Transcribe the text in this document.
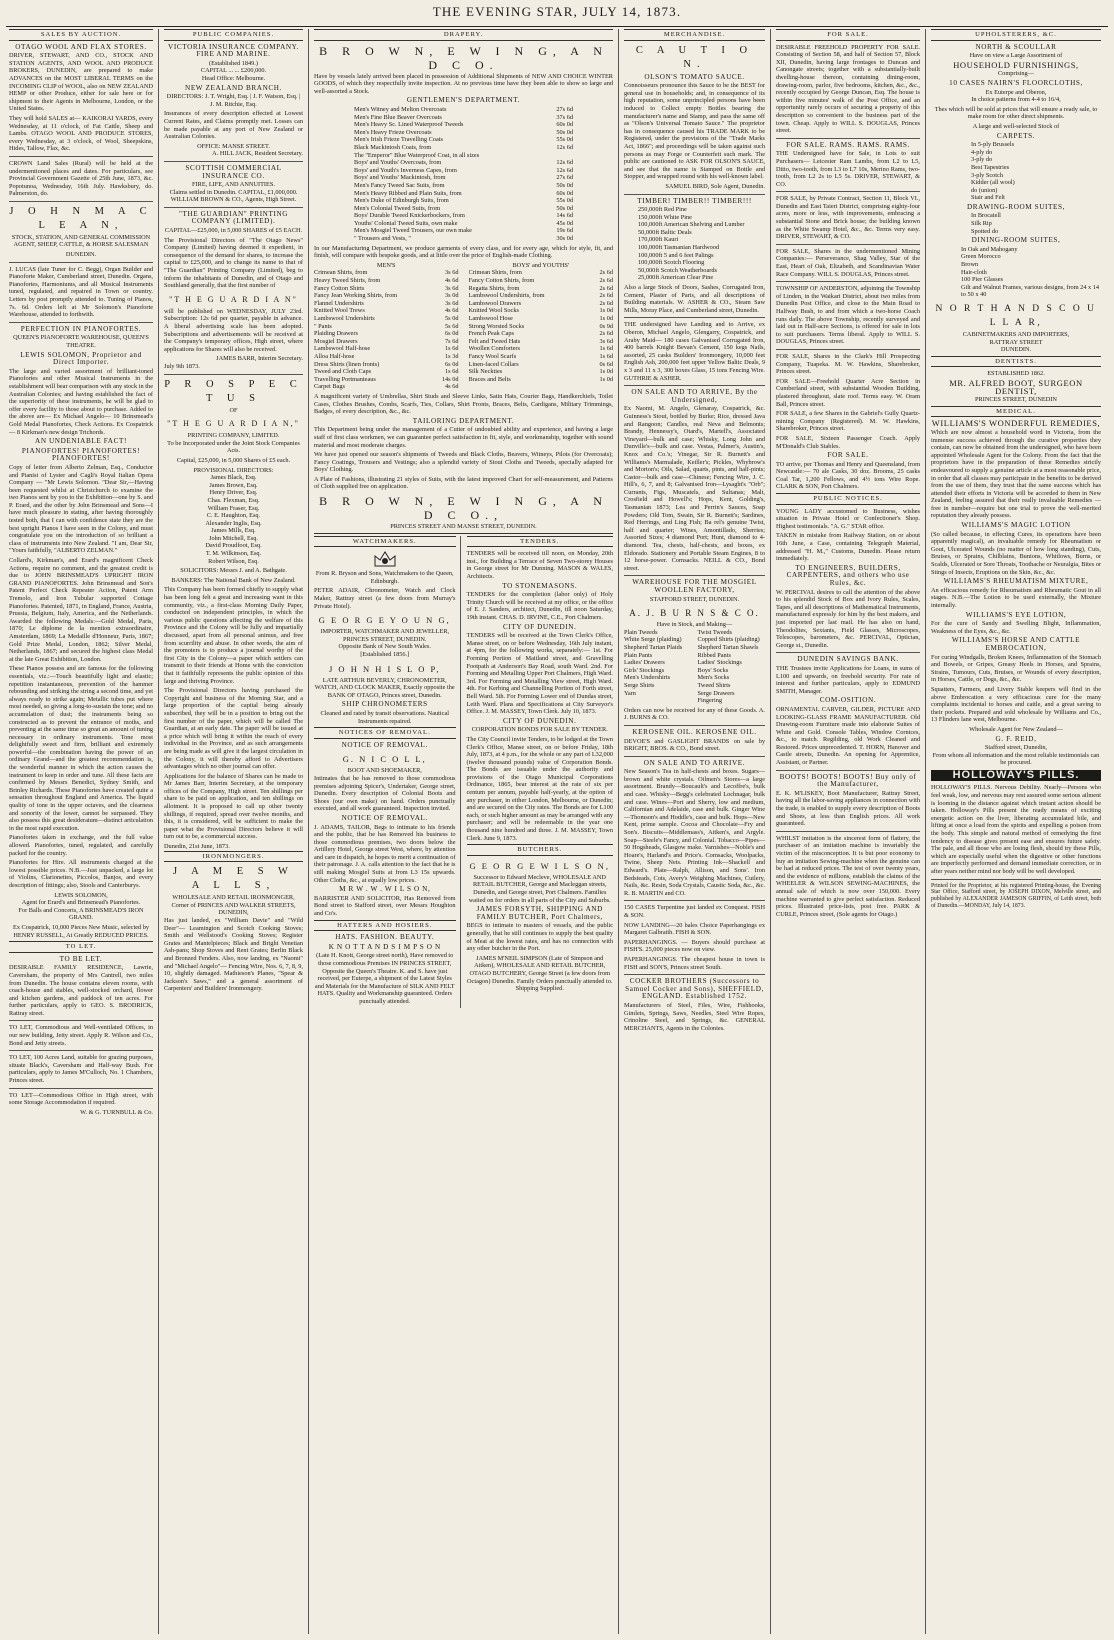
THE EVENING STAR, JULY 14, 1873.
SALES BY AUCTION.
OTAGO WOOL AND FLAX STORES.
DRIVER, STEWART, AND CO., STOCK AND STATION AGENTS, AND WOOL AND PRODUCE BROKERS, DUNEDIN, are prepared to make ADVANCES on the MOST LIBERAL TERMS on the INCOMING CLIP of WOOL, also on NEW ZEALAND HEMP or other Produce, either for sale here or for shipment to their Agents in Melbourne, London, or the United States.
They will hold SALES at— KAIKORAI YARDS, every Wednesday, at 11 o'clock, of Fat Cattle, Sheep and Lambs. OTAGO WOOL AND PRODUCE STORES, every Wednesday, at 3 o'clock, of Wool, Sheepskins, Hides, Tallow, Flax, &c.
CROWN Land Sales (Rural) will be held at the undermentioned places and dates. For particulars, see Provincial Government Gazette of 25th June, 1873, &c. Popotunoa, Wednesday, 16th July. Hawksbury, do. Palmerston, do.
J O H N M A C L E A N,
STOCK, STATION, AND GENERAL COMMISSION AGENT, SHEEP, CATTLE, & HORSE SALESMAN
DUNEDIN.
J. LUCAS (late Tuner for C. Begg), Organ Builder and Pianoforte Maker, Cumberland street, Dunedin. Organs, Pianofortes, Harmoniums, and all Musical Instruments tuned, regulated, and repaired in Town or country. Letters by post promptly attended to. Tuning of Pianos, 7s. 6d. Orders left at Mr Solomon's Pianoforte Warehouse, attended to forthwith.
PERFECTION IN PIANOFORTES.
QUEEN'S PIANOFORTE WAREHOUSE, QUEEN'S THEATRE.
LEWIS SOLOMON, Proprietor and Direct Importer.
The large and varied assortment of brilliant-toned Pianofortes and other Musical Instruments in the establishment will bear comparison with any stock in the Australian Colonies; and having established the fact of the superiority of these instruments, he will be glad to offer every facility to those about to purchase. Added to the above are— Ex Michael Angelo— 10 Brinsmead's Gold Medal Pianofortes, Check Actions. Ex Cospatrick— 8 Kirkman's new design Trichords.
AN UNDENIABLE FACT!
PIANOFORTES! PIANOFORTES! PIANOFORTES!
Copy of letter from Alberto Zelman, Esq., Conductor and Pianist of Lyster and Cagli's Royal Italian Opera Company — "Mr Lewis Solomon. "Dear Sir,—Having been requested whilst at Christchurch to examine the two Pianos sent by you to the Exhibition—one by S. and P. Erard, and the other by John Brinsmead and Sons—I have much pleasure in stating, after having thoroughly tested both, that I can with confidence state they are the best upright Pianos I have seen in the Colony, and must congratulate you on the introduction of so brilliant a class of instruments into New Zealand. "I am, Dear Sir, "Yours faithfully, "ALBERTO ZELMAN."
Collard's, Kirkman's, and Erard's magnificent Check Actions, require no comment, and the greatest credit is due to JOHN BRINSMEAD'S UPRIGHT IRON GRAND PIANOFORTES. John Brinsmead and Son's Patent Perfect Check Repeater Action, Patent Arm Tremolo, and Iron Tubular supported Cottage Pianofortes. Patented, 1871, in England, France, Austria, Prussia, Belgium, Italy, America, and the Netherlands. Awarded the following Medals:—Gold Medal, Paris, 1870; Le diplome de la mention extraordinaire, Amsterdam, 1869; La Medaille d'Honneur, Paris, 1867; Gold Prize Medal, London, 1862; Silver Medal, Netherlands, 1867; and secured the highest class Medal at the late Great Exhibition, London.
These Pianos possess and are famous for the following essentials, viz.:—Touch beautifully light and elastic; repetition instantaneous, prevention of the hammer rebounding and striking the string a second time, and yet always ready to strike again; Metallic tubes put where most needed, so giving a long-to-sustain the tone; and no accumulation of dust; the instruments being so constructed as to prevent the entrance of moths, and preventing at the same time so great an amount of tuning necessary in ordinary instruments. Tone most delightfully sweet and firm, brilliant and extremely powerful—the combination having the power of an ordinary Grand—and the greatest recommendation is, the wonderful manner in which the action causes the instrument to keep in order and tune. All these facts are confirmed by Messrs Benedict, Sydney Smith, and Brinley Richards. These Pianofortes have created quite a sensation throughout England and America. The liquid quality of tone in the upper octaves, and the clearness and sonority of the lower, cannot be surpassed. They also possess this great desideratum—distinct articulation in the most rapid execution.
Pianofortes taken in exchange, and the full value allowed. Pianofortes, tuned, regulated, and carefully packed for the country.
Pianofortes for Hire. All instruments charged at the lowest possible prices. N.B.—Just unpacked, a large lot of Violins, Clarionettes, Piccolos, Banjos, and every description of fittings; also, Stools and Canterburys.
LEWIS SOLOMON,
Agent for Erard's and Brinsmead's Pianofortes.
For Balls and Concerts, A BRINSMEAD'S IRON GRAND.
Ex Cospatrick, 10,000 Pieces New Music, selected by HENRY RUSSELL, At Greatly REDUCED PRICES.
TO LET.
TO BE LET.
DESIRABLE FAMILY RESIDENCE, Lawrie, Caversham, the property of Mrs Cantrell, two miles from Dunedin. The house contains eleven rooms, with coach-house and stables, well-stocked orchard, flower and kitchen gardens, and paddock of ten acres. For further particulars, apply to GEO. S. BRODRICK, Rattray street.
TO LET, Commodious and Well-ventilated Offices, in our new building, Jetty street. Apply R. Wilson and Co., Bond and Jetty streets.
TO LET, 100 Acres Land, suitable for grazing purposes, situate Black's, Caversham and Half-way Bush. For particulars, apply to James M'Culloch, No. 1 Chambers, Princes street.
TO LET—Commodious Office in High street, with some Storage Accommodation if required.
W. & G. TURNBULL & Co.
PUBLIC COMPANIES.
VICTORIA INSURANCE COMPANY. FIRE AND MARINE.
(Established 1849.)
CAPITAL ... ... £200,000.
Head Office: Melbourne.
NEW ZEALAND BRANCH.
DIRECTORS: J. T. Wright, Esq. | J. F. Watson, Esq. | J. M. Ritchie, Esq.
Insurances of every description effected at Lowest Current Rates, and Claims promptly met. Losses can be made payable at any port of New Zealand or Australian Colonies.
OFFICE: MANSE STREET.
A. HILL JACK, Resident Secretary.
SCOTTISH COMMERCIAL INSURANCE CO.
FIRE, LIFE, AND ANNUITIES.
Claims settled in Dunedin. CAPITAL, £1,000,000. WILLIAM BROWN & CO., Agents, High Street.
"THE GUARDIAN" PRINTING COMPANY (LIMITED).
CAPITAL—£25,000, in 5,000 SHARES of £5 EACH.
The Provisional Directors of "The Otago News" Company (Limited) having deemed it expedient, in consequence of the demand for shares, to increase the capital to £25,000, and to change its name to that of "The Guardian" Printing Company (Limited), beg to inform the inhabitants of Dunedin, and of Otago and Southland generally, that the first number of
"T H E G U A R D I A N"
will be published on WEDNESDAY, JULY 23rd. Subscription: 12s 6d per quarter, payable in advance. A liberal advertising scale has been adopted. Subscriptions and advertisements will be received at the Company's temporary offices, High street, where applications for Shares will also be received.
JAMES BARR, Interim Secretary.
July 9th 1873.
P R O S P E C T U S
OF
"T H E G U A R D I A N,"
PRINTING COMPANY, LIMITED.
To be Incorporated under the Joint Stock Companies Acts.
Capital, £25,000, in 5,000 Shares of £5 each.
PROVISIONAL DIRECTORS:
James Black, Esq.
James Brown, Esq.
Henry Driver, Esq.
Chas. Flexman, Esq.
William Fraser, Esq.
C. E. Haughton, Esq.
Alexander Inglis, Esq.
James Mills, Esq.
John Mitchell, Esq.
David Proudfoot, Esq.
T. M. Wilkinson, Esq.
Robert Wilson, Esq.
SOLICITORS: Messrs J. and A. Bathgate.
BANKERS: The National Bank of New Zealand.
This Company has been formed chiefly to supply what has been long felt a great and increasing want in this community, viz., a first-class Morning Daily Paper, conducted on independent principles, in which the various public questions affecting the welfare of this Province and the Colony will be fully and impartially discussed, apart from all personal animus, and free from scurrility and abuse. In other words, the aim of the promoters is to produce a journal worthy of the first City in the Colony—a paper which settlers can transmit to their friends at Home with the conviction that it faithfully represents the public opinion of this large and thriving Province.
The Provisional Directors having purchased the Copyright and business of the Morning Star, and a large proportion of the capital being already subscribed, they will be in a position to bring out the first number of the paper, which will be called The Guardian, at an early date. The paper will be issued at a price which will bring it within the reach of every individual in the Province, and as such arrangements are being made as will give it the largest circulation in the Colony, it will thereby afford to Advertisers advantages which no other journal can offer.
Applications for the balance of Shares can be made to Mr James Barr, Interim Secretary, at the temporary offices of the Company, High street. Ten shillings per share to be paid on application, and ten shillings on allotment. It is proposed to call up other twenty shillings, if required, spread over twelve months, and this, it is considered, will be sufficient to make the paper what the Provisional Directors believe it will turn out to be, a commercial success.
Dunedin, 21st June, 1873.
IRONMONGERS.
J A M E S W A L L S,
WHOLESALE AND RETAIL IRONMONGER,
Corner of PRINCES AND WALKER STREETS,
DUNEDIN,
Has just landed, ex "William Davie" and "Wild Deer"— Leamington and Scotch Cooking Stoves; Smith and Wellstood's Cooking Stoves; Register Grates and Mantelpieces; Black and Bright Venetian Ash-pans; Shop Stoves and Rent Grates; Berlin Black and Bronzed Fenders. Also, now landing, ex "Naomi" and "Michael Angelo"— Fencing Wire, Nos. 6, 7, 8, 9, 10, slightly damaged. Mathieson's Planes, "Spear & Jackson's Saws," and a general assortment of Carpenters' and Builders' Ironmongery.
DRAPERY.
B R O W N, E W I N G, A N D C O.
Have by vessels lately arrived been placed in possession of Additional Shipments of NEW AND CHOICE WINTER GOODS, of which they respectfully invite inspection. At no previous time have they been able to show so large and well-assorted a Stock.
GENTLEMEN'S DEPARTMENT.
Men's Witney and Melton Overcoats	27s 6d
Men's Fine Blue Beaver Overcoats	37s 6d
Men's Heavy Sc. Lined Waterproof Tweeds	60s 0d
Men's Heavy Frieze Overcoats	50s 0d
Men's Irish Frieze Travelling Coats	55s 0d
Black Mackintosh Coats, from	12s 6d
The "Emperor" Blue Waterproof Coat, in all sizes
Boys' and Youths' Overcoats, from	12s 6d
Boys' and Youth's Inverness Capes, from	12s 6d
Boys' and Youths' Mackintosh, from	27s 6d
Men's Fancy Tweed Sac Suits, from	50s 0d
Men's Heavy Ribbed and Plain Suits, from	60s 0d
Men's Duke of Edinburgh Suits, from	55s 0d
Men's Colonial Tweed Suits, from	50s 0d
Boys' Durable Tweed Knickerbockers, from	14s 6d
Youths' Colonial Tweed Suits, own make	45s 0d
Men's Mosgiel Tweed Trousers, our own make	19s 6d
" Trousers and Vests, "	30s 0d
In our Manufacturing Department, we produce garments of every class, and for every age, which for style, fit, and finish, will compare with bespoke goods, and at little over the price of English-made Clothing.
MEN'S
Crimean Shirts, from	3s 6d
Heavy Tweed Shirts, from	4s 6d
Fancy Cotton Shirts	3s 6d
Fancy Jean Working Shirts, from	3s 0d
Flannel Undershirts	3s 6d
Knitted Wool Trews	4s 6d
Lambswool Undershirts	5s 0d
" Pants	5s 6d
Plaiding Drawers	6s 0d
Mosgiel Drawers	7s 6d
Lambswool Half-hose	1s 6d
Alloa Half-hose	1s 3d
Dress Shirts (linen fronts)	6s 0d
Tweed and Cloth Caps	1s 6d
Travelling Portmanteaus	14s 0d
Carpet Bags	4s 6d
BOYS' and YOUTHS'
Crimean Shirts, from	2s 6d
Fancy Cotton Shirts, from	2s 6d
Regatta Shirts, from	2s 6d
Lambswool Undershirts, from	2s 6d
Lambswool Drawers	2s 6d
Knitted Wool Socks	1s 0d
Lambswool Hose	1s 0d
Strong Worsted Socks	0s 9d
French Peak Caps	2s 6d
Felt and Tweed Hats	3s 6d
Woollen Comforters	1s 6d
Fancy Wool Scarfs	1s 6d
Linen-faced Collars	0s 6d
Silk Neckties	1s 0d
Braces and Belts	1s 0d
A magnificent variety of Umbrellas, Shirt Studs and Sleeve Links, Satin Hats, Courier Bags, Handkerchiefs, Toilet Cases, Clothes Brushes, Combs, Scarfs, Ties, Collars, Shirt Fronts, Braces, Belts, Cardigans, Military Trimmings, Badges, of every description, &c., &c.
TAILORING DEPARTMENT.
This Department being under the management of a Cutter of undoubted ability and experience, and having a large staff of first class workmen, we can guarantee perfect satisfaction in fit, style, and workmanship, together with sound material and most moderate charges.
We have just opened our season's shipments of Tweeds and Black Cloths, Beavers, Witneys, Pilots (for Overcoats); Fancy Coatings, Trousers and Vestings; also a splendid variety of Stout Cloths and Tweeds, specially adapted for Boys' Clothing.
A Plate of Fashions, illustrating 21 styles of Suits, with the latest improved Chart for self-measurement, and Patterns of Cloth supplied free on application.
B R O W N, E W I N G, A N D C O.,
PRINCES STREET AND MANSE STREET, DUNEDIN.
WATCHMAKERS.
From R. Bryson and Sons, Watchmakers to the Queen, Edinburgh.
PETER ADAIR, Chronometer, Watch and Clock Maker, Rattray street (a few doors from Murray's Private Hotel).
G E O R G E Y O U N G,
IMPORTER, WATCHMAKER AND JEWELLER, PRINCES STREET, DUNEDIN.
Opposite Bank of New South Wales.
[Established 1856.]
J O H N H I S L O P,
LATE ARTHUR BEVERLY, CHRONOMETER, WATCH, AND CLOCK MAKER, Exactly opposite the BANK OF OTAGO, Princes street, Dunedin.
SHIP CHRONOMETERS
Cleaned and rated by transit observations. Nautical Instruments repaired.
NOTICES OF REMOVAL.
NOTICE OF REMOVAL.
G. N I C O L L,
BOOT AND SHOEMAKER,
Intimates that he has removed to those commodious premises adjoining Spicer's, Undertaker, George street, Dunedin. Every description of Colonial Boots and Shoes (our own make) on hand. Orders punctually executed, and all work guaranteed. Inspection invited.
NOTICE OF REMOVAL.
J. ADAMS, TAILOR, Begs to intimate to his friends and the public, that he has Removed his business to those commodious premises, two doors below the Artillery Hotel, George street West, where, by attention and care in dispatch, he hopes to merit a continuation of their patronage. J. A. calls attention to the fact that he is still making Mosgiel Suits at from L3 15s upwards. Other Cloths, &c., at equally low prices.
M R W . W . W I L S O N,
BARRISTER AND SOLICITOR, Has Removed from Bond street to Stafford street, over Messrs Houghton and Co's.
HATTERS AND HOSIERS.
HATS. FASHION. BEAUTY.
K N O T T A N D S I M P S O N
(Late H. Knott, George street north), Have removed to those commodious Premises IN PRINCES STREET, Opposite the Queen's Theatre. K. and S. have just received, per Euterpe, a shipment of the Latest Styles and Materials for the Manufacture of SILK AND FELT HATS. Quality and Workmanship guaranteed. Orders punctually attended.
TENDERS.
TENDERS will be received till noon, on Monday, 20th inst., for Building a Terrace of Seven Two-storey Houses in George street for Mr Dunning. MASON & WALES, Architects.
TO STONEMASONS.
TENDERS for the completion (labor only) of Holy Trinity Church will be received at my office, or the office of E. J. Sanders, architect, Dunedin, till noon Saturday, 19th instant. CHAS. D. IRVINE, C.E., Port Chalmers.
CITY OF DUNEDIN.
TENDERS will be received at the Town Clerk's Office, Manse street, on or before Wednesday, 16th July instant, at 4pm, for the following works, separately:— 1st. For Forming Portion of Maitland street, and Gravelling Footpath at Anderson's Bay Road, south Ward. 2nd. For Forming and Metalling Upper Port Chalmers, High Ward. 3rd. For Forming and Metalling View street, High Ward. 4th. For Kerbing and Channelling Portion of Forth street, Bell Ward. 5th. For Forming Lower end of Dundas street, Leith Ward. Plans and Specifications at City Surveyor's Office. J. M. MASSEY, Town Clerk. July 10, 1873.
CITY OF DUNEDIN.
CORPORATION BONDS FOR SALE BY TENDER.
The City Council invite Tenders, to be lodged at the Town Clerk's Office, Manse street, on or before Friday, 18th July, 1873, at 4 p.m., for the whole or any part of L32,000 (twelve thousand pounds) value of Corporation Bonds. The Bonds are issuable under the authority and provisions of the Otago Municipal Corporations Ordinance, 1865, bear interest at the rate of six per centum per annum, payable half-yearly, at the option of any purchaser, in either London, Melbourne, or Dunedin; and are secured on the City rates. The Bonds are for L100 each, or such higher amount as may be arranged with any purchaser; and will be redeemable in the year one thousand nine hundred and three. J. M. MASSEY, Town Clerk. June 9, 1873.
BUTCHERS.
G E O R G E W I L S O N,
Successor to Edward Mecleve, WHOLESALE AND RETAIL BUTCHER, George and Macleggan streets, Dunedin, and George street, Port Chalmers. Families waited on for orders in all parts of the City and Suburbs.
JAMES FORSYTH, SHIPPING AND FAMILY BUTCHER, Port Chalmers,
BEGS to intimate to masters of vessels, and the public generally, that he still continues to supply the best quality of Meat at the lowest rates, and has no connection with any other butcher in the Port.
JAMES M'NEIL SIMPSON (Late of Simpson and Aitken), WHOLESALE AND RETAIL BUTCHER, OTAGO BUTCHERY, George Street (a few doors from Octagon) Dunedin. Family Orders punctually attended to. Shipping Supplied.
MERCHANDISE.
C A U T I O N.
OLSON'S TOMATO SAUCE.
Connoisseurs pronounce this Sauce to be the BEST for general use in households; and, in consequence of its high reputation, some unprincipled persons have been induced to Collect empty Bottles bearing the manufacturer's name and Stamp, and pass the same off as "Olson's Universal Tomato Sauce." The proprietor has in consequence caused his TRADE MARK to be Registered, under the provisions of the "Trade Marks Act, 1866"; and proceedings will be taken against such persons as may Forge or Counterfeit such mark. The public are cautioned to ASK FOR OLSON'S SAUCE, and see that the name is Stamped on Bottle and Stopper, and wrapped round with his well-known label.
SAMUEL BIRD, Sole Agent, Dunedin.
TIMBER! TIMBER!! TIMBER!!!
250,000ft Red Pine
150,000ft White Pine
100,000ft American Shelving and Lumber
50,000ft Baltic Deals
170,000ft Kauri
100,000ft Tasmanian Hardwood
100,000ft 5 and 6 feet Palings
100,000ft Scotch Flooring
50,000ft Scotch Weatherboards
25,000ft American Clear Pine
Also a large Stock of Doors, Sashes, Corrugated Iron, Cement, Plaster of Paris, and all descriptions of Building materials. W. ASHER & CO., Steam Saw Mills, Moray Place, and Cumberland street, Dunedin.
THE undersigned have Landing and to Arrive, ex Oberon, Michael Angelo, Glengarry, Cospatrick, and Araby Maid— 180 cases Galvanised Corrugated Iron, 400 barrels Knight Bevan's Cement, 150 kegs Nails, assorted, 25 casks Builders' Ironmongery, 10,000 feet English Ash, 200,000 feet upper Yellow Baltic Deals, 9 x 3 and 11 x 3, 300 boxes Glass, 15 tons Fencing Wire. GUTHRIE & ASHER.
ON SALE AND TO ARRIVE, By the Undersigned,
Ex Naomi, M. Angelo, Glenaray, Cospatrick, &c. Guinness's Stout, bottled by Burke; Rice, dressed Java and Rangoon; Candles, real Neva and Belmonts; Brandy, Hennessy's, Otard's, Martell's, Associated Vineyard—bulk and case; Whisky, Long John and Dunville's—bulk and case. Vestas, Palmer's, Austin's, Knox and Co.'s; Vinegar, Sir R. Burnett's and Williams's Marmalade, Keiller's; Pickles, Whybrow's and Morton's; Oils, Salad, quarts, pints, and half-pints; Castor—bulk and case—Chinese; Fencing Wire, J. C. Hill's, 6, 7, and 8; Galvanised Iron—Lysaght's "Orb"; Currants, Figs, Muscatels, and Sultanas; Malt, Crosfield and Howell's; Hops, Kent, Golding's, Tasmanian 1873; Lea and Perrin's Sauces, Soap Powders; Old Tom, Swain, Sir R. Burnett's; Sardines, Red Herrings, and Ling Fish; Ba rel's genuine Twist, half and quarter; Wines, Amontillado, Sherries; Assorted Sizes; 4 diamond Port; Hunt, diamond to 4-diamond. Tea, chests, half-chests, and boxes, ex Eldorado. Stationery and Portable Steam Engines, 8 to 12 horse-power. Cornsacks. NEILL & CO., Bond street.
WAREHOUSE FOR THE MOSGIEL WOOLLEN FACTORY,
STAFFORD STREET, DUNEDIN.
A. J. B U R N S & C O.
Have in Stock, and Making—
Plain Tweeds
White Serge (plaiding)
Shepherd Tartan Plaids
Plain Pants
Ladies' Drawers
Girls' Stockings
Men's Undershirts
Serge Shirts
Yarn
Twist Tweeds
Copped Shirts (plaiding)
Shepherd Tartan Shawls
Ribbed Pants
Ladies' Stockings
Boys' Socks
Men's Socks
Tweed Shirts
Serge Drawers
Fingering
Orders can now be received for any of these Goods. A. J. BURNS & CO.
KEROSENE OIL. KEROSENE OIL.
DEVOE'S and GASLIGHT BRANDS on sale by BRIGHT, BROS. & CO., Bond street.
ON SALE AND TO ARRIVE.
New Season's Tea in half-chests and boxes. Sugars—brown and white crystals. Oilmen's Stores—a large assortment. Brandy—Boucault's and Lecoffre's, bulk and case. Whisky—Begg's celebrated Lochnagar, bulk and case. Wines—Port and Sherry, low and medium, Californian and Adelaide, case and bulk. Ginger Wine—Thomson's and Hoddle's, case and bulk. Hops—New Kent, prime sample. Cocoa and Chocolate—Fry and Son's. Biscuits—Middlemass's, Aitken's, and Argyle. Soap—Steele's Fancy, and Colonial. Tobacco—Pipes—50 Hogsheads, Glasgow make. Varnishes—Noble's and Hoare's, Harland's and Price's. Cornsacks, Woolpacks, Twine, Sheep Nets. Printing Ink—Shackell and Edward's. Plate—Ralph, Allison, and Sons'. Iron Bedsteads, Cots, Avery's Weighing Machines, Cutlery, Nails, &c. Resin, Soda Crystals, Caustic Soda, &c., &c. R. B. MARTIN and CO.
150 CASES Turpentine just landed ex Conquest. FISH & SON.
NOW LANDING—20 bales Choice Paperhangings ex Margaret Galbraith. FISH & SON.
PAPERHANGINGS. — Buyers should purchase at FISH'S. 25,000 pieces now on view.
PAPERHANGINGS. The cheapest house in town is FISH and SON'S, Princes street South.
COCKER BROTHERS (Successors to Samuel Cocker and Sons), SHEFFIELD, ENGLAND. Established 1752.
Manufacturers of Steel, Files, Wire, Fishhooks, Gimlets, Springs, Saws, Needles, Steel Wire Ropes, Crinoline Steel, and Springs, &c. GENERAL MERCHANTS, Agents in the Colonies.
FOR SALE.
DESIRABLE FREEHOLD PROPERTY FOR SALE. Consisting of Section 58, and half of Section 57, Block XII, Dunedin, having large frontages to Duncan and Canongate streets; together with a substantially-built dwelling-house thereon, containing dining-room, drawing-room, parlor, five bedrooms, kitchen, &c., &c., recently occupied by George Duncan, Esq. The house is within five minutes' walk of the Post Office, and an opportunity rarely occurs of securing a property of this description so convenient to the business part of the town. Cheap. Apply to WILL S. DOUGLAS, Princes street.
FOR SALE. RAMS. RAMS. RAMS.
THE Undersigned have for Sale, in Lots to suit Purchasers— Leicester Ram Lambs, from L2 to L5, Ditto, two-tooth, from L3 to L7 10s, Merino Rams, two-tooth, from L2 2s to L5 5s. DRIVER, STEWART, & CO.
FOR SALE, by Private Contract, Section 11, Block VI., Dunedin and East Taieri District, comprising eighty-four acres, more or less, with improvements, embracing a substantial Stone and Brick house; the building known as the White Swamp Hotel, &c., &c. Terms very easy. DRIVER, STEWART, & CO.
FOR SALE, Shares in the undermentioned Mining Companies:— Perseverance, Shag Valley, Star of the East, Heart of Oak, Elizabeth, and Scandinavian Water Race Company. WILL S. DOUGLAS, Princes street.
TOWNSHIP OF ANDERSTON, adjoining the Township of Linden, in the Waikari District, about two miles from Dunedin Post Office, and close to the Main Road to Halfway Bush, to and from which a two-horse Coach runs daily. The above Township, recently surveyed and laid out in Half-acre Sections, is offered for sale in lots to suit purchasers. Terms liberal. Apply to WILL S. DOUGLAS, Princes street.
FOR SALE, Shares in the Clark's Hill Prospecting Company, Tuapeka. M. W. Hawkins, Sharebroker, Princes street.
FOR SALE—Freehold Quarter Acre Section in Cumberland street, with substantial Wooden Building, plastered throughout, slate roof. Terms easy. W. Oram Ball, Princes street.
FOR SALE, a few Shares in the Gabriel's Gully Quartz-mining Company (Registered). M. W. Hawkins, Sharebroker, Princes street.
FOR SALE, Sixteen Passenger Coach. Apply M'Donald's Club Stables.
FOR SALE.
TO arrive, per Thomas and Henry and Queensland, from Newcastle:— 70 ale Casks, 30 doz. Brooms, 25 casks Coal Tar, 1,200 Fellows, and 4½ tons Wire Rope. CLARK & SON, Port Chalmers.
PUBLIC NOTICES.
YOUNG LADY accustomed to Business, wishes situation in Private Hotel or Confectioner's Shop. Highest testimonials. "A. G." STAR office.
TAKEN in mistake from Railway Station, on or about 16th June, a Case, containing Telegraph Material, addressed "H. M.," Customs, Dunedin. Please return immediately.
TO ENGINEERS, BUILDERS, CARPENTERS, and others who use Rules, &c.
W. PERCIVAL desires to call the attention of the above to his splendid Stock of Box and Ivory Rules, Scales, Tapes, and all descriptions of Mathematical Instruments, manufactured expressly for him by the best makers, and just imported per last mail. He has also on hand, Theodolites, Sextants, Field Glasses, Microscopes, Telescopes, barometers, &c. PERCIVAL, Optician, George st., Dunedin.
DUNEDIN SAVINGS BANK.
THE Trustees invite Applications for Loans, in sums of L100 and upwards, on freehold security. For rate of interest and further particulars, apply to EDMUND SMITH, Manager.
COM-OSITION.
ORNAMENTAL CARVER, GILDER, PICTURE AND LOOKING-GLASS FRAME MANUFACTURER. Old Drawing-room Furniture made into elaborate Suites of White and Gold. Console Tables, Window Cornices, &c., to match. Regilding, old Work Cleaned and Restored. Prices unprecedented. T. HORN, Hanover and Castle streets, Dunedin. An opening for Apprentice, Assistant, or Partner.
BOOTS! BOOTS! BOOTS! Buy only of the Manufacturer,
E. K. M'LISKEY, Boot Manufacturer, Rattray Street, having all the labor-saving appliances in connection with the trade, is enabled to supply every description of Boots and Shoes, at less than English prices. All work guaranteed.
WHILST imitation is the sincerest form of flattery, the purchaser of an imitation machine is invariably the victim of the misconception. It is but poor economy to buy an imitation Sewing-machine when the genuine can be had at reduced prices. The test of over twenty years, and the evidence of millions, establish the claims of the WHEELER & WILSON SEWING-MACHINES, the annual sale of which is now over 150,000. Every machine warranted to give perfect satisfaction. Reduced prices. Illustrated price-lists, post free. PARK & CURLE, Princes street, (Sole agents for Otago.)
UPHOLSTERERS, &C.
NORTH & SCOULLAR
Have on view a Large Assortment of
HOUSEHOLD FURNISHINGS,
Comprising—
10 CASES NAIRN'S FLOORCLOTHS,
Ex Euterpe and Oberon,
In choice patterns from 4-4 to 16/4,
Thes which will be sold at prices that will ensure a ready sale, to make room for other direct shipments.
A large and well-selected Stock of
CARPETS.
In 5-ply Brussels
4-ply do
3-ply do
Best Tapestries
3-ply Scotch
Kidder (all wool)
do (union)
Stair and Felt
DRAWING-ROOM SUITES,
In Brocatell
Silk Rip
Spotted do
DINING-ROOM SUITES,
In Oak and Mahogany
Green Morocco
Brown
Hair-cloth
100 Pier Glasses
Gilt and Walnut Frames, various designs, from 24 x 14 to 50 x 40
N O R T H A N D S C O U L L A R,
CABINETMAKERS AND IMPORTERS,
RATTRAY STREET
DUNEDIN.
DENTISTS.
ESTABLISHED 1862.
MR. ALFRED BOOT, SURGEON DENTIST,
PRINCES STREET, DUNEDIN
MEDICAL.
WILLIAMS'S WONDERFUL REMEDIES,
Which are now almost a household word in Victoria, from the immense success achieved through the curative properties they contain, can now be obtained from the undersigned, who have been appointed Wholesale Agent for the Colony. From the fact that the proprietors have in the preparation of these Remedies strictly endeavoured to supply a genuine article at a most reasonable price, in order that all classes may participate in the benefits to be derived from the use of them, they trust that the same success which has attended their efforts in Victoria will be accorded to them in New Zealand, feeling assured that their really invaluable Remedies —free in number—require but one trial to prove the well-merited reputation they already possess.
WILLIAMS'S MAGIC LOTION
(So called because, in effecting Cures, its operations have been apparently magical), an invaluable remedy for Rheumatism or Gout, Ulcerated Wounds (no matter of how long standing), Cuts, Bruises, or Sprains, Chilblains, Bunions, Whitlows, Burns, or Scalds, Ulcerated or Sore Throats, Toothache or Neuralgia, Bites or Stings of Insects, Eruptions on the Skin, &c., &c.
WILLIAMS'S RHEUMATISM MIXTURE,
An efficacious remedy for Rheumatism and Rheumatic Gout in all stages. N.B.—The Lotion to be used externally, the Mixture internally.
WILLIAMS'S EYE LOTION,
For the cure of Sandy and Swelling Blight, Inflammation, Weakness of the Eyes, &c., &c.
WILLIAMS'S HORSE AND CATTLE EMBROCATION,
For curing Windgalls, Broken Knees, Inflammation of the Stomach and Bowels, or Gripes, Greasy Heels in Horses, and Sprains, Strains, Tumours, Cuts, Bruises, or Wounds of every description, in Horses, Cattle, or Dogs, &c., &c.
Squatters, Farmers, and Livery Stable keepers will find in the above Embrocation a very efficacious cure for the many complaints incidental to horses and cattle, and a great saving to their pockets. Prepared and sold wholesale by Williams and Co., 13 Flinders lane west, Melbourne.
Wholesale Agent for New Zealand—
G. F. REID,
Stafford street, Dunedin,
From whom all information and the most reliable testimonials can be procured.
HOLLOWAY'S PILLS.
HOLLOWAY'S PILLS. Nervous Debility. Nearly—Persons who feel weak, low, and nervous may rest assured some serious ailment is looming in the distance against which instant action should be taken. Holloway's Pills present the ready means of exciting energetic action on the liver, liberating accumulated bile, and lifting at once a load from the spirits and expelling a poison from the body. This simple and natural method of remedying the first tendency to disease gives present ease and ensures future safety. The pale, and all those who are losing flesh, should try these Pills, which are especially useful when the digestive or other functions are imperfectly performed and demand immediate correction, or in after years neither mind nor body will be well developed.
Printed for the Proprietor, at his registered Printing-house, the Evening Star Office, Stafford street, by JOSEPH DIXON, Melville street, and published by ALEXANDER JAMESON GRIFFIN, of Leith street, both of Dunedin.—MONDAY, July 14, 1873.
